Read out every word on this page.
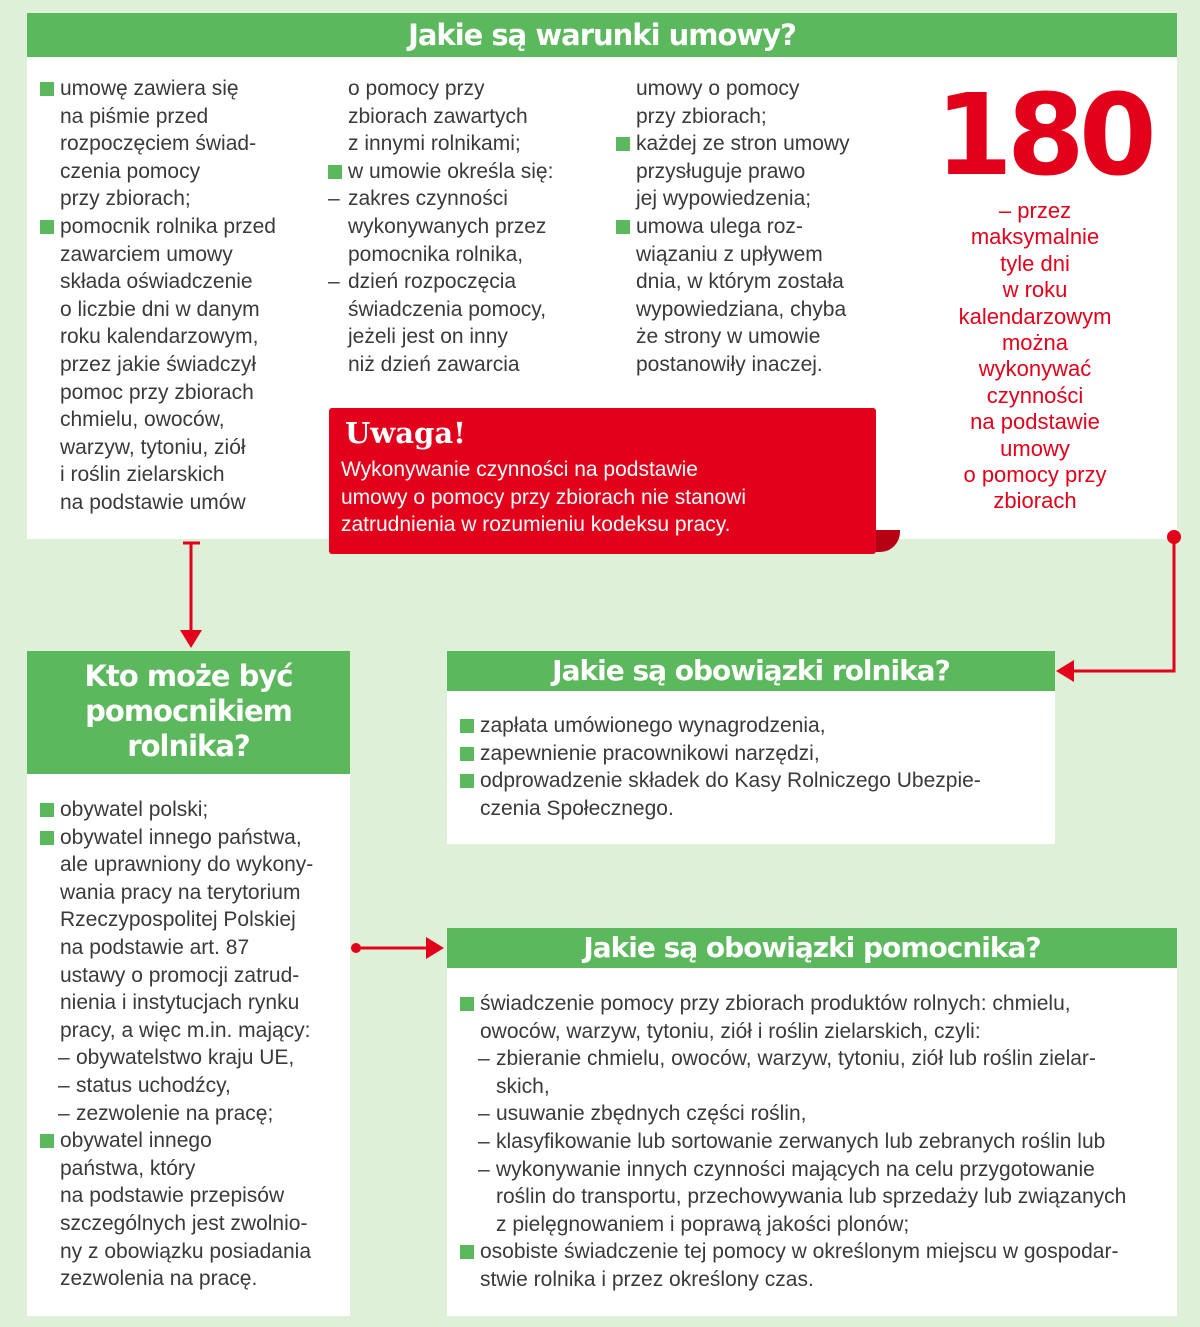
Jakie są warunki umowy?
umowę zawiera się
na piśmie przed
rozpoczęciem świad-
czenia pomocy
przy zbiorach;
pomocnik rolnika przed
zawarciem umowy
składa oświadczenie
o liczbie dni w danym
roku kalendarzowym,
przez jakie świadczył
pomoc przy zbiorach
chmielu, owoców,
warzyw, tytoniu, ziół
i roślin zielarskich
na podstawie umów
o pomocy przy
zbiorach zawartych
z innymi rolnikami;
w umowie określa się:
– zakres czynności
wykonywanych przez
pomocnika rolnika,
– dzień rozpoczęcia
świadczenia pomocy,
jeżeli jest on inny
niż dzień zawarcia
umowy o pomocy
przy zbiorach;
każdej ze stron umowy
przysługuje prawo
jej wypowiedzenia;
umowa ulega roz-
wiązaniu z upływem
dnia, w którym została
wypowiedziana, chyba
że strony w umowie
postanowiły inaczej.
180
– przez
maksymalnie
tyle dni
w roku
kalendarzowym
można
wykonywać
czynności
na podstawie
umowy
o pomocy przy
zbiorach
Uwaga!
Wykonywanie czynności na podstawie
umowy o pomocy przy zbiorach nie stanowi
zatrudnienia w rozumieniu kodeksu pracy.
Kto może być
pomocnikiem
rolnika?
obywatel polski;
obywatel innego państwa,
ale uprawniony do wykony-
wania pracy na terytorium
Rzeczypospolitej Polskiej
na podstawie art. 87
ustawy o promocji zatrud-
nienia i instytucjach rynku
pracy, a więc m.in. mający:
– obywatelstwo kraju UE,
– status uchodźcy,
– zezwolenie na pracę;
obywatel innego
państwa, który
na podstawie przepisów
szczególnych jest zwolnio-
ny z obowiązku posiadania
zezwolenia na pracę.
Jakie są obowiązki rolnika?
zapłata umówionego wynagrodzenia,
zapewnienie pracownikowi narzędzi,
odprowadzenie składek do Kasy Rolniczego Ubezpie-
czenia Społecznego.
Jakie są obowiązki pomocnika?
świadczenie pomocy przy zbiorach produktów rolnych: chmielu,
owoców, warzyw, tytoniu, ziół i roślin zielarskich, czyli:
– zbieranie chmielu, owoców, warzyw, tytoniu, ziół lub roślin zielar-
skich,
– usuwanie zbędnych części roślin,
– klasyfikowanie lub sortowanie zerwanych lub zebranych roślin lub
– wykonywanie innych czynności mających na celu przygotowanie
roślin do transportu, przechowywania lub sprzedaży lub związanych
z pielęgnowaniem i poprawą jakości plonów;
osobiste świadczenie tej pomocy w określonym miejscu w gospodar-
stwie rolnika i przez określony czas.
